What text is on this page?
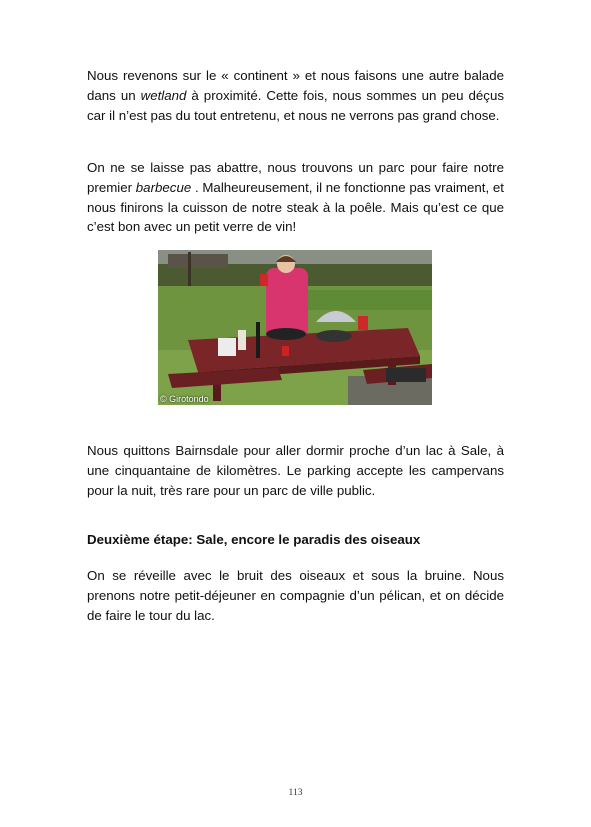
Nous revenons sur le « continent » et nous faisons une autre balade dans un wetland à proximité. Cette fois, nous sommes un peu déçus car il n’est pas du tout entretenu, et nous ne verrons pas grand chose.

On ne se laisse pas abattre, nous trouvons un parc pour faire notre premier barbecue . Malheureusement, il ne fonctionne pas vraiment, et nous finirons la cuisson de notre steak à la poêle. Mais qu’est ce que c’est bon avec un petit verre de vin!

© Girotondo

Nous quittons Bairnsdale pour aller dormir proche d’un lac à Sale, à une cinquantaine de kilomètres. Le parking accepte les campervans pour la nuit, très rare pour un parc de ville public.

Deuxième étape: Sale, encore le paradis des oiseaux

On se réveille avec le bruit des oiseaux et sous la bruine. Nous prenons notre petit-déjeuner en compagnie d’un pélican, et on décide de faire le tour du lac.

113
